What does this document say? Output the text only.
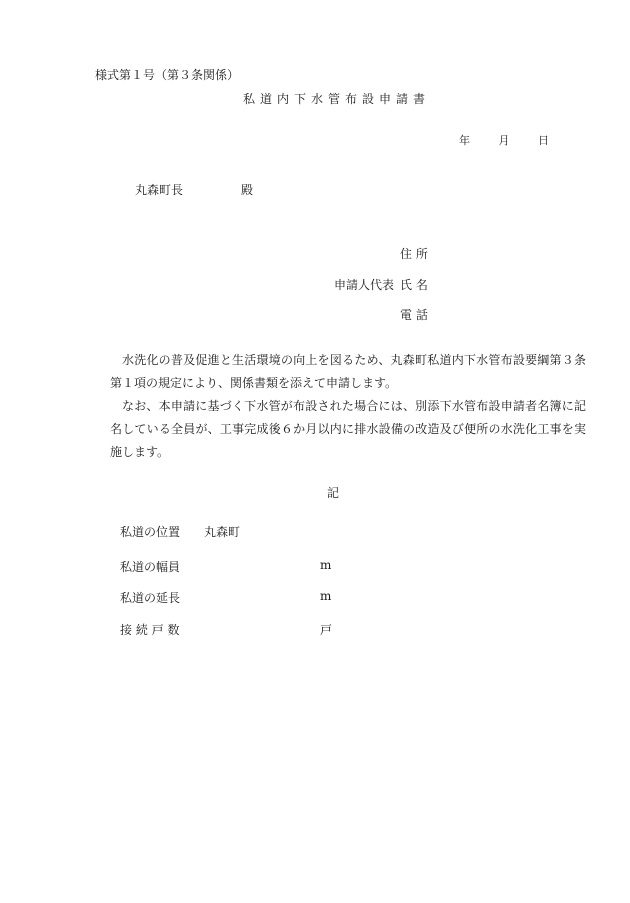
様式第１号（第３条関係）
私道内下水管布設申請書
年	月	日
丸森町長	殿
住 所
申請人代表 氏 名
電 話

水洗化の普及促進と生活環境の向上を図るため、丸森町私道内下水管布設要綱第３条第１項の規定により、関係書類を添えて申請します。

なお、本申請に基づく下水管が布設された場合には、別添下水管布設申請者名簿に記名している全員が、工事完成後６か月以内に排水設備の改造及び便所の水洗化工事を実施します。

記
私道の位置 丸森町
私道の幅員	m
私道の延長	m
接 続 戸 数	戸
